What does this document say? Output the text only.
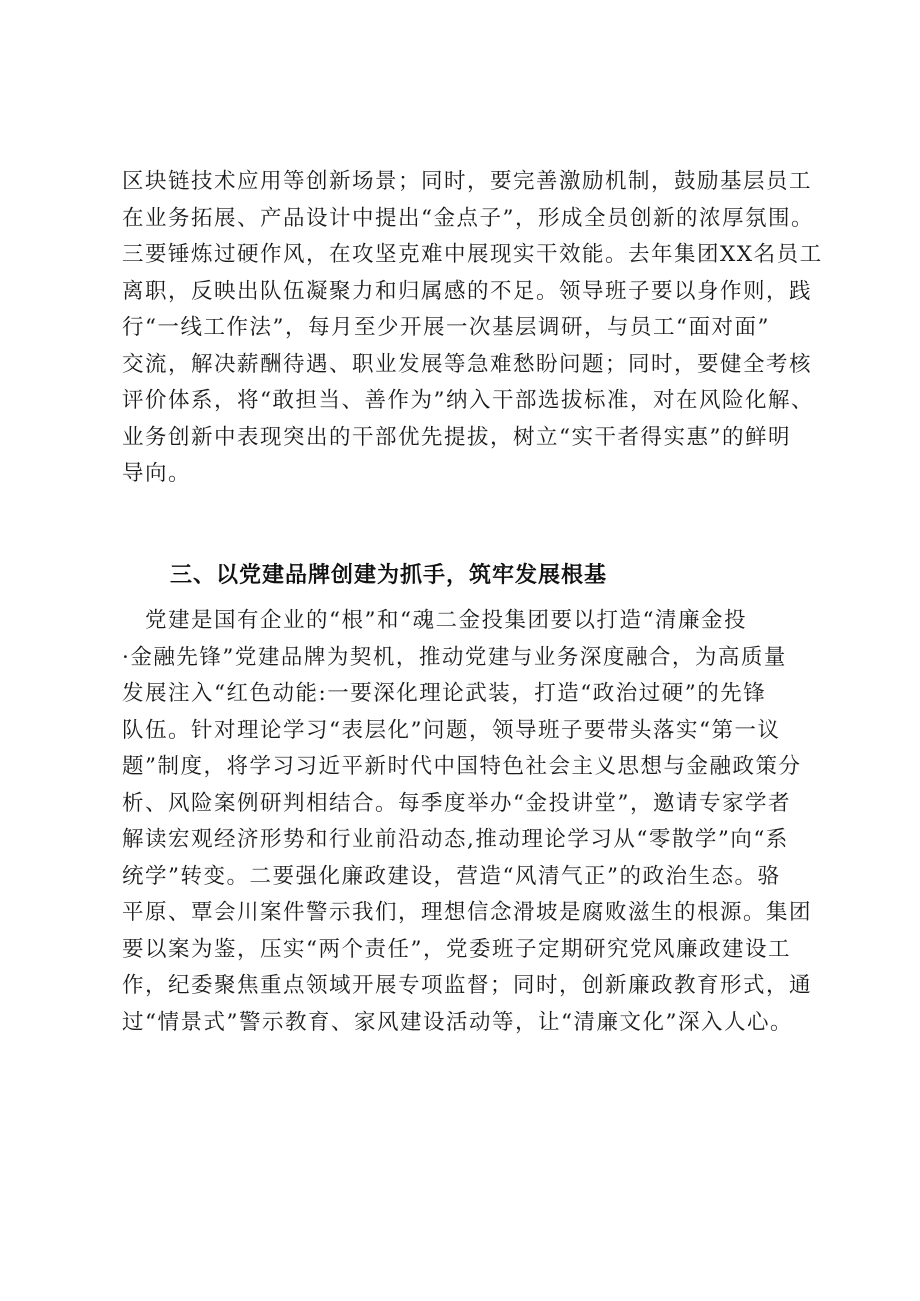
区块链技术应用等创新场景；同时，要完善激励机制，鼓励基层员工
在业务拓展、产品设计中提出“金点子”，形成全员创新的浓厚氛围。
三要锤炼过硬作风，在攻坚克难中展现实干效能。去年集团XX名员工
离职，反映出队伍凝聚力和归属感的不足。领导班子要以身作则，践
行“一线工作法”，每月至少开展一次基层调研，与员工“面对面”
交流，解决薪酬待遇、职业发展等急难愁盼问题；同时，要健全考核
评价体系，将“敢担当、善作为”纳入干部选拔标准，对在风险化解、
业务创新中表现突出的干部优先提拔，树立“实干者得实惠”的鲜明
导向。
三、以党建品牌创建为抓手，筑牢发展根基
　党建是国有企业的“根”和“魂二金投集团要以打造“清廉金投
·金融先锋”党建品牌为契机，推动党建与业务深度融合，为高质量
发展注入“红色动能:一要深化理论武装，打造“政治过硬”的先锋
队伍。针对理论学习“表层化”问题，领导班子要带头落实“第一议
题”制度，将学习习近平新时代中国特色社会主义思想与金融政策分
析、风险案例研判相结合。每季度举办“金投讲堂”，邀请专家学者
解读宏观经济形势和行业前沿动态,推动理论学习从“零散学”向“系
统学”转变。二要强化廉政建设，营造“风清气正”的政治生态。骆
平原、覃会川案件警示我们，理想信念滑坡是腐败滋生的根源。集团
要以案为鉴，压实“两个责任”，党委班子定期研究党风廉政建设工
作，纪委聚焦重点领域开展专项监督；同时，创新廉政教育形式，通
过“情景式”警示教育、家风建设活动等，让“清廉文化”深入人心。
